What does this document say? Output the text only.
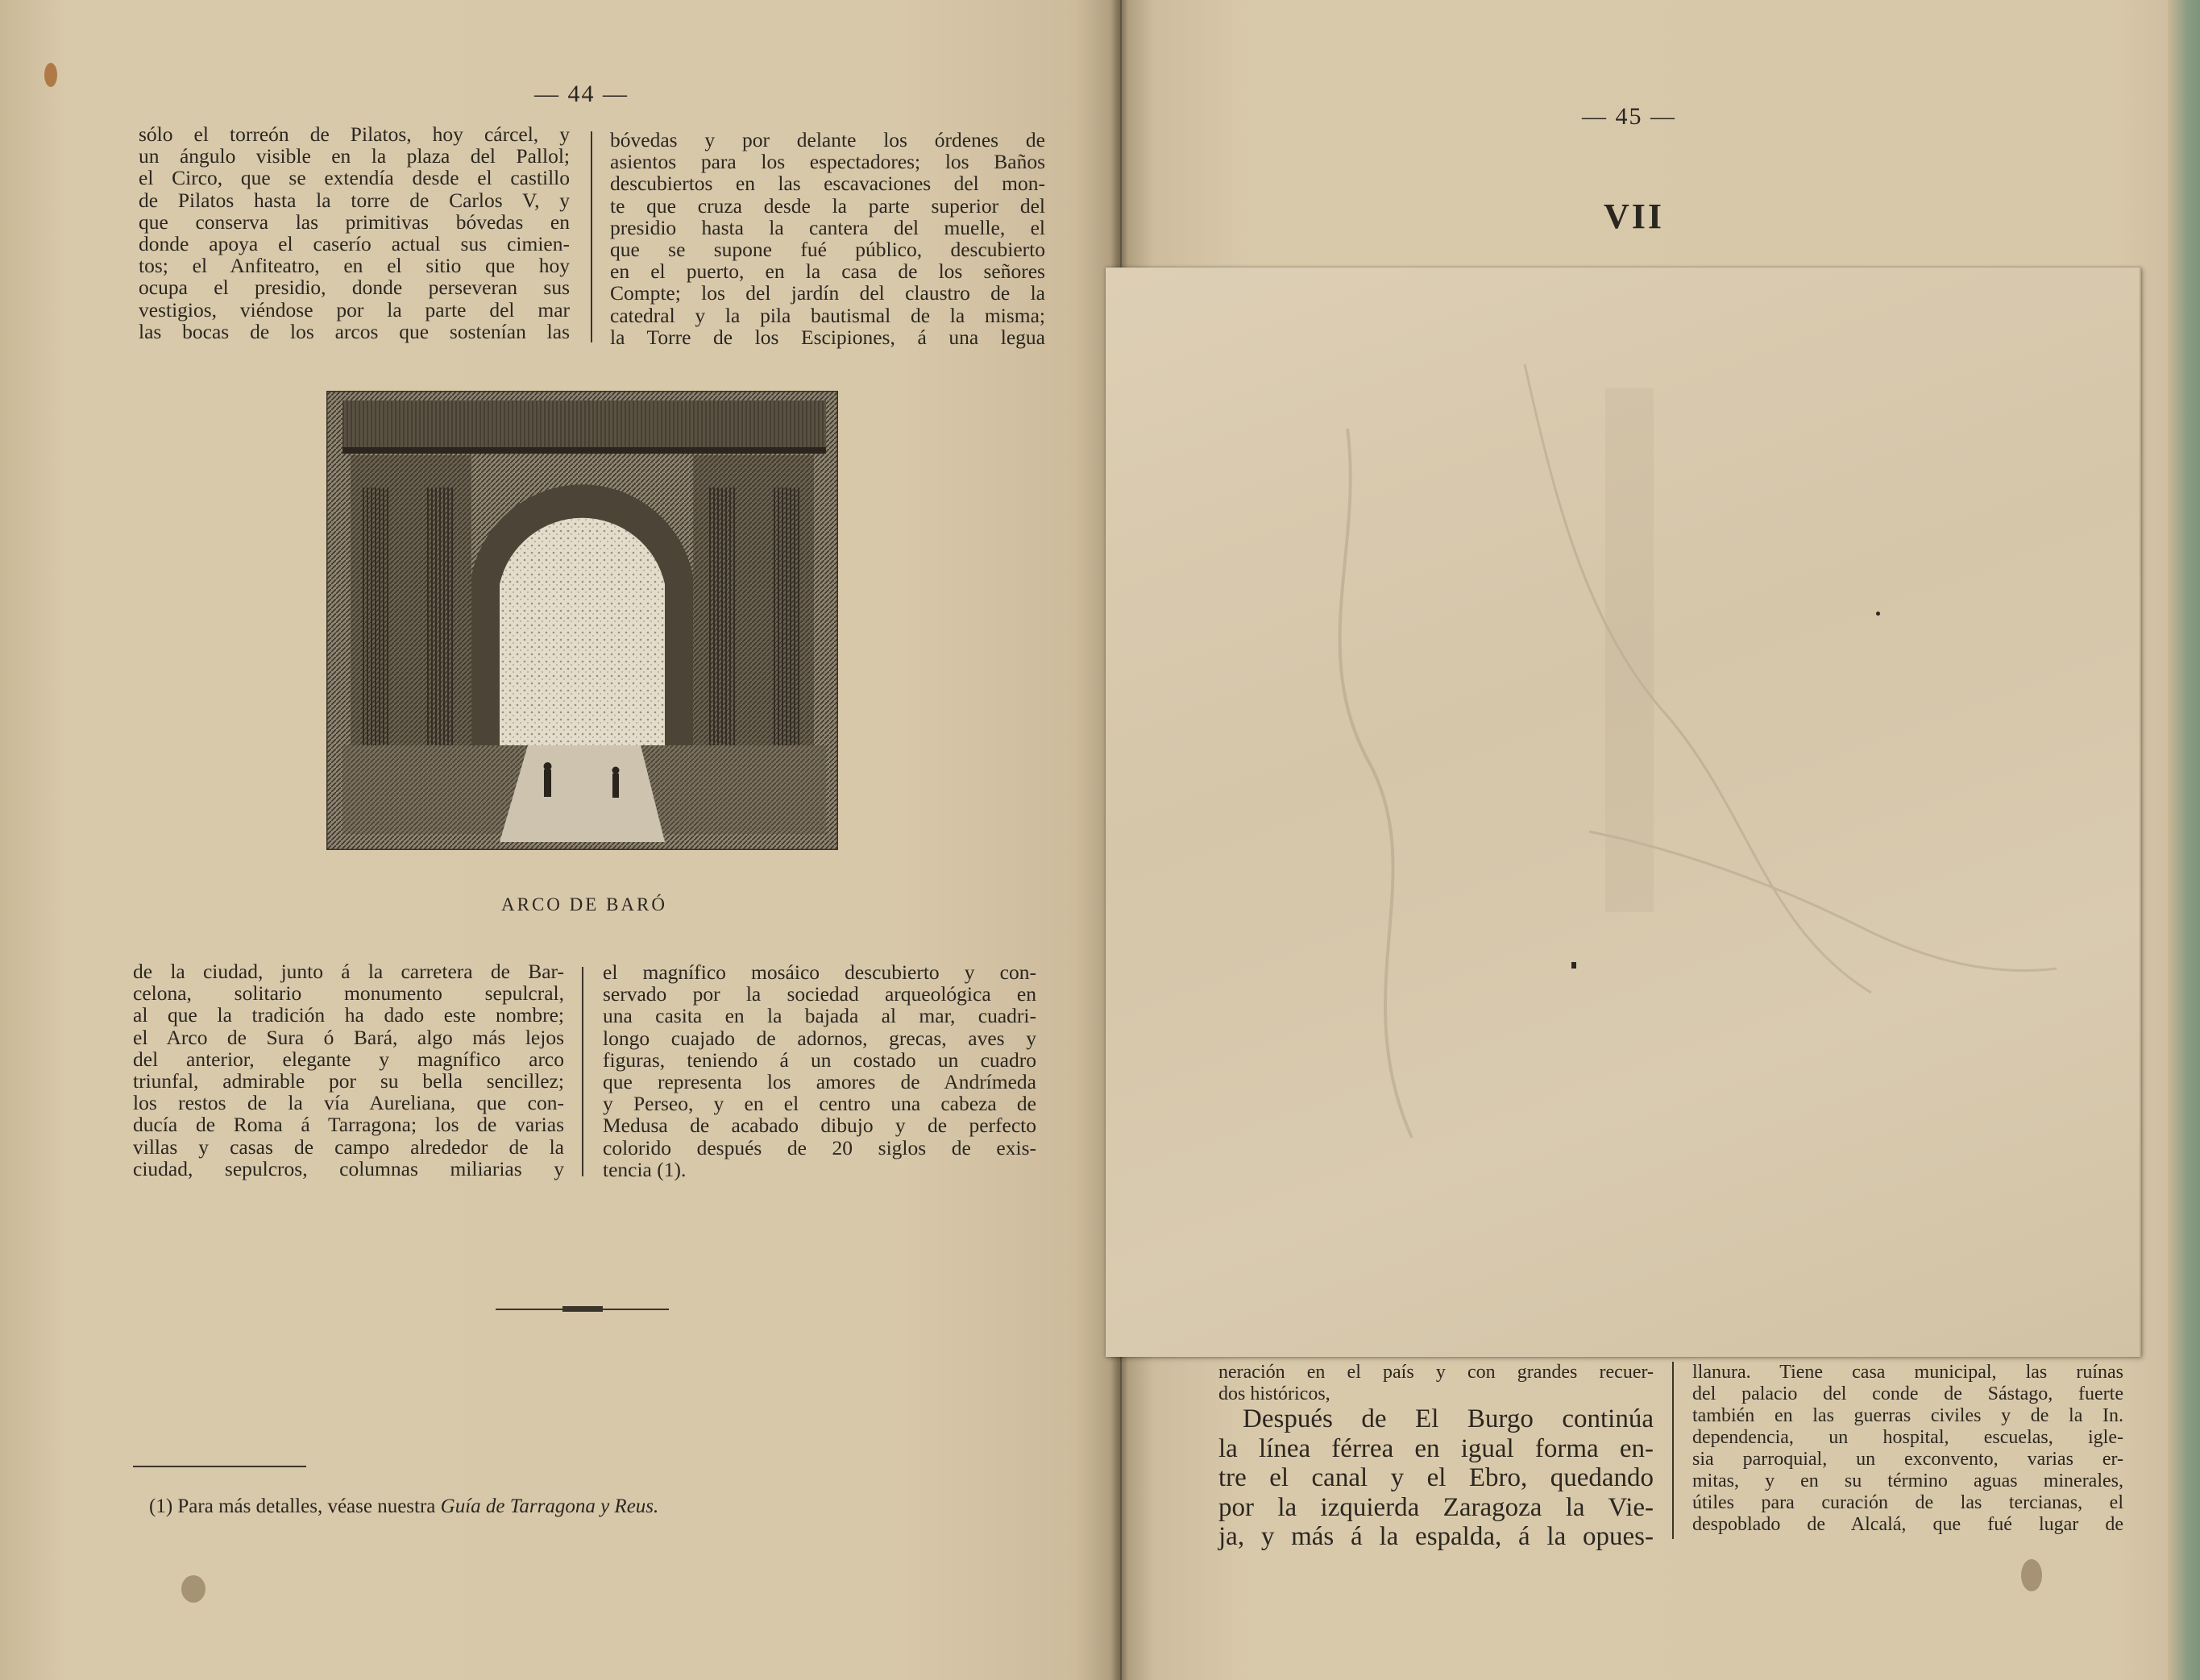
— 44 —
sólo el torreón de Pilatos, hoy cárcel, y
un ángulo visible en la plaza del Pallol;
el Circo, que se extendía desde el castillo
de Pilatos hasta la torre de Carlos V, y
que conserva las primitivas bóvedas en
donde apoya el caserío actual sus cimien-
tos; el Anfiteatro, en el sitio que hoy
ocupa el presidio, donde perseveran sus
vestigios, viéndose por la parte del mar
las bocas de los arcos que sostenían las
bóvedas y por delante los órdenes de
asientos para los espectadores; los Baños
descubiertos en las escavaciones del mon-
te que cruza desde la parte superior del
presidio hasta la cantera del muelle, el
que se supone fué público, descubierto
en el puerto, en la casa de los señores
Compte; los del jardín del claustro de la
catedral y la pila bautismal de la misma;
la Torre de los Escipiones, á una legua
ARCO DE BARÓ
de la ciudad, junto á la carretera de Bar-
celona, solitario monumento sepulcral,
al que la tradición ha dado este nombre;
el Arco de Sura ó Bará, algo más lejos
del anterior, elegante y magnífico arco
triunfal, admirable por su bella sencillez;
los restos de la vía Aureliana, que con-
ducía de Roma á Tarragona; los de varias
villas y casas de campo alrededor de la
ciudad, sepulcros, columnas miliarias y
el magnífico mosáico descubierto y con-
servado por la sociedad arqueológica en
una casita en la bajada al mar, cuadri-
longo cuajado de adornos, grecas, aves y
figuras, teniendo á un costado un cuadro
que representa los amores de Andrímeda
y Perseo, y en el centro una cabeza de
Medusa de acabado dibujo y de perfecto
colorido después de 20 siglos de exis-
tencia (1).
(1) Para más detalles, véase nuestra Guía de Tarragona y Reus.
— 45 —
VII
neración en el país y con grandes recuer-
dos históricos,
Después de El Burgo continúa
la línea férrea en igual forma en-
tre el canal y el Ebro, quedando
por la izquierda Zaragoza la Vie-
ja, y más á la espalda, á la opues-
llanura. Tiene casa municipal, las ruínas
del palacio del conde de Sástago, fuerte
también en las guerras civiles y de la In.
dependencia, un hospital, escuelas, igle-
sia parroquial, un exconvento, varias er-
mitas, y en su término aguas minerales,
útiles para curación de las tercianas, el
despoblado de Alcalá, que fué lugar de
